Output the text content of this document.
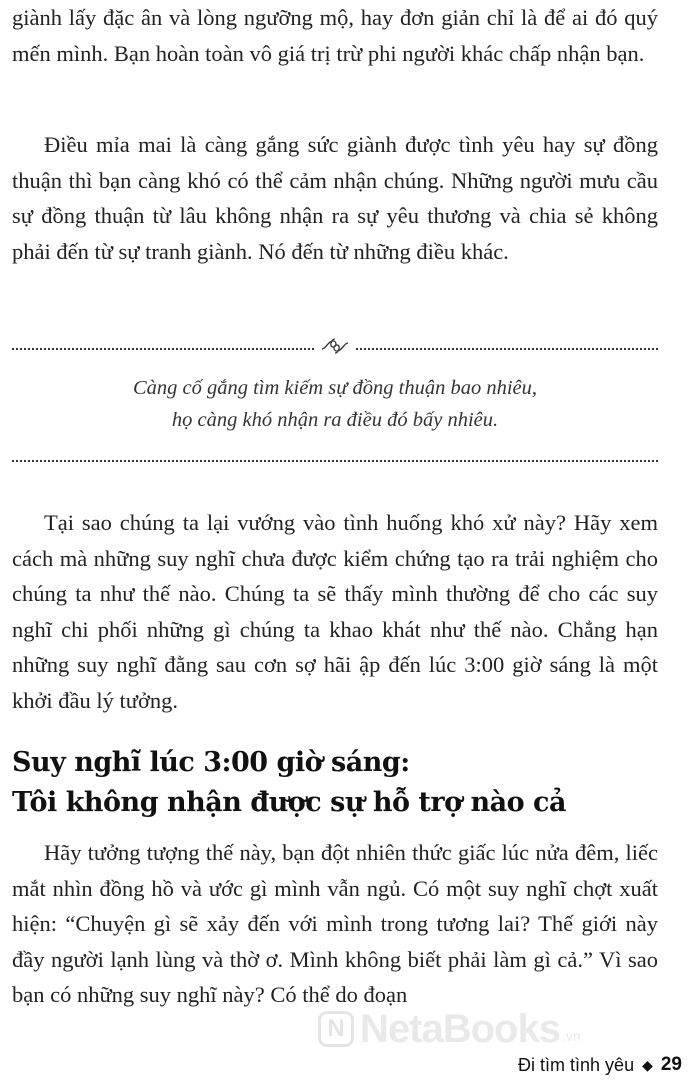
giành lấy đặc ân và lòng ngưỡng mộ, hay đơn giản chỉ là để ai đó quý mến mình. Bạn hoàn toàn vô giá trị trừ phi người khác chấp nhận bạn.

Điều mỉa mai là càng gắng sức giành được tình yêu hay sự đồng thuận thì bạn càng khó có thể cảm nhận chúng. Những người mưu cầu sự đồng thuận từ lâu không nhận ra sự yêu thương và chia sẻ không phải đến từ sự tranh giành. Nó đến từ những điều khác.

Càng cố gắng tìm kiếm sự đồng thuận bao nhiêu,
họ càng khó nhận ra điều đó bấy nhiêu.

Tại sao chúng ta lại vướng vào tình huống khó xử này? Hãy xem cách mà những suy nghĩ chưa được kiểm chứng tạo ra trải nghiệm cho chúng ta như thế nào. Chúng ta sẽ thấy mình thường để cho các suy nghĩ chi phối những gì chúng ta khao khát như thế nào. Chẳng hạn những suy nghĩ đằng sau cơn sợ hãi ập đến lúc 3:00 giờ sáng là một khởi đầu lý tưởng.

Suy nghĩ lúc 3:00 giờ sáng:
Tôi không nhận được sự hỗ trợ nào cả

Hãy tưởng tượng thế này, bạn đột nhiên thức giấc lúc nửa đêm, liếc mắt nhìn đồng hồ và ước gì mình vẫn ngủ. Có một suy nghĩ chợt xuất hiện: “Chuyện gì sẽ xảy đến với mình trong tương lai? Thế giới này đầy người lạnh lùng và thờ ơ. Mình không biết phải làm gì cả.” Vì sao bạn có những suy nghĩ này? Có thể do đoạn

N NetaBooks .vn
Đi tìm tình yêu ◆ 29
